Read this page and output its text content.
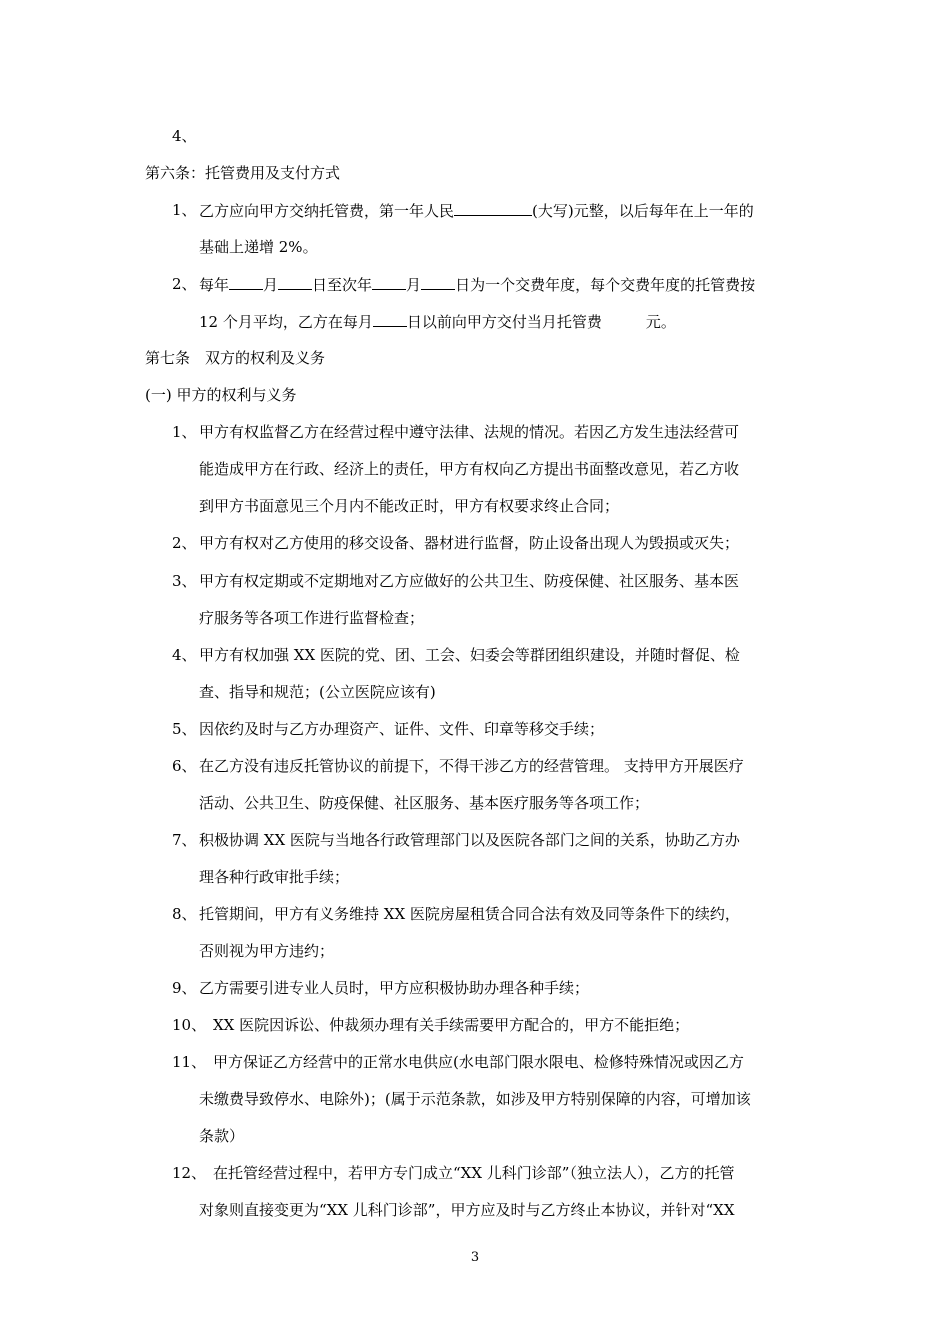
4、
第六条：托管费用及支付方式
1、 乙方应向甲方交纳托管费，第一年人民	(大写)元整，以后每年在上一年的
基础上递增 2%。
2、 每年 月 日至次年 月 日为一个交费年度，每个交费年度的托管费按
12 个月平均，乙方在每月 日以前向甲方交付当月托管费	元。
第七条　双方的权利及义务
(一) 甲方的权利与义务
1、 甲方有权监督乙方在经营过程中遵守法律、法规的情况。若因乙方发生违法经营可
能造成甲方在行政、经济上的责任，甲方有权向乙方提出书面整改意见，若乙方收
到甲方书面意见三个月内不能改正时，甲方有权要求终止合同；
2、 甲方有权对乙方使用的移交设备、器材进行监督，防止设备出现人为毁损或灭失；
3、 甲方有权定期或不定期地对乙方应做好的公共卫生、防疫保健、社区服务、基本医
疗服务等各项工作进行监督检查；
4、 甲方有权加强 XX 医院的党、团、工会、妇委会等群团组织建设，并随时督促、检
查、指导和规范；(公立医院应该有)
5、 因依约及时与乙方办理资产、证件、文件、印章等移交手续；
6、 在乙方没有违反托管协议的前提下，不得干涉乙方的经营管理。 支持甲方开展医疗
活动、公共卫生、防疫保健、社区服务、基本医疗服务等各项工作；
7、 积极协调 XX 医院与当地各行政管理部门以及医院各部门之间的关系，协助乙方办
理各种行政审批手续；
8、 托管期间，甲方有义务维持 XX 医院房屋租赁合同合法有效及同等条件下的续约，
否则视为甲方违约；
9、 乙方需要引进专业人员时，甲方应积极协助办理各种手续；
10、 XX 医院因诉讼、仲裁须办理有关手续需要甲方配合的，甲方不能拒绝；
11、 甲方保证乙方经营中的正常水电供应(水电部门限水限电、检修特殊情况或因乙方
未缴费导致停水、电除外)；(属于示范条款，如涉及甲方特别保障的内容，可增加该
条款）
12、 在托管经营过程中，若甲方专门成立“XX 儿科门诊部”（独立法人），乙方的托管
对象则直接变更为“XX 儿科门诊部”，甲方应及时与乙方终止本协议，并针对“XX
3
